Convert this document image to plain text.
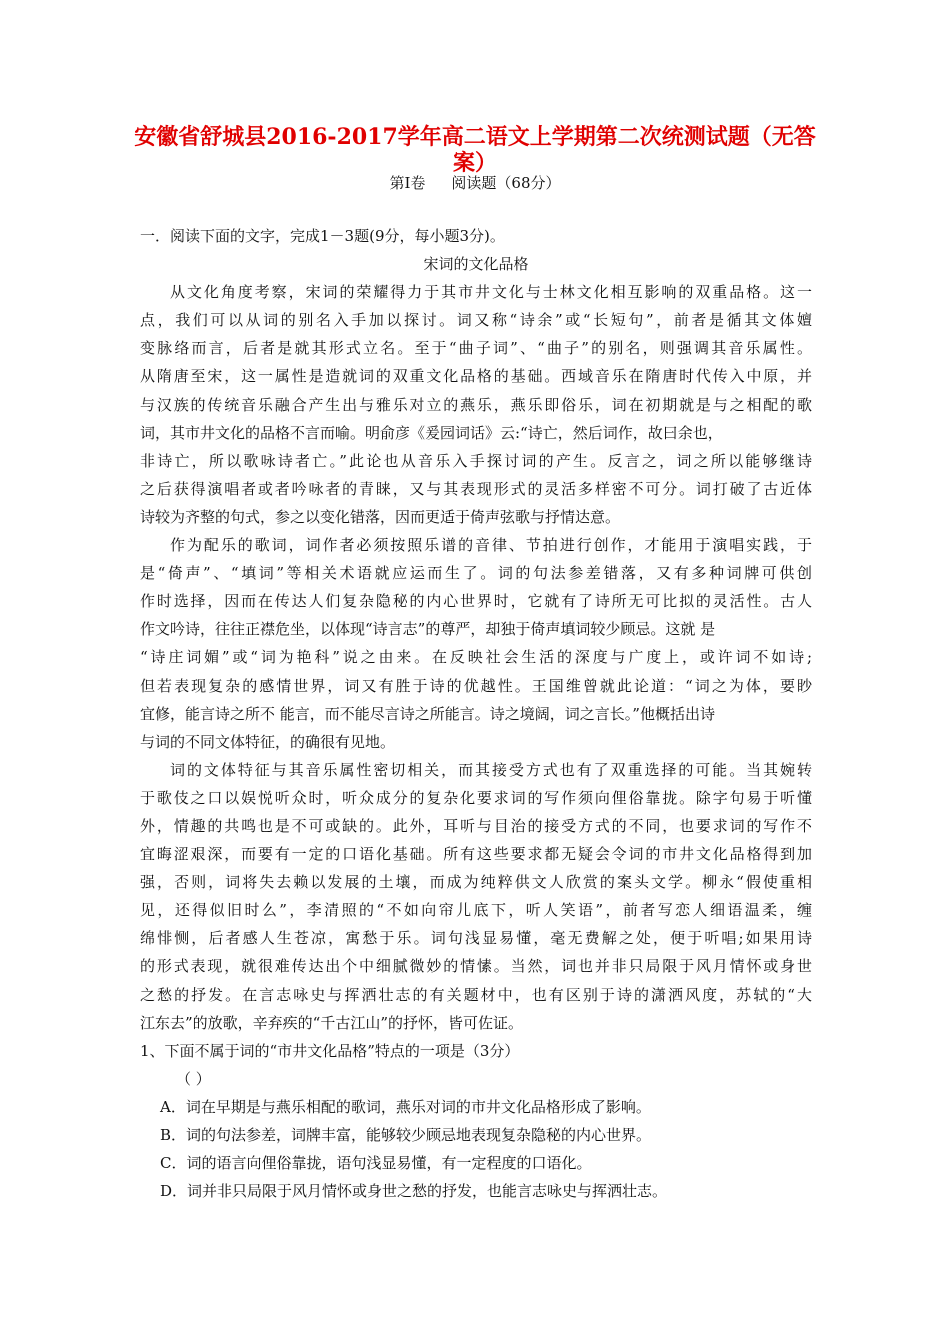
安徽省舒城县2016-2017学年高二语文上学期第二次统测试题（无答
案）
第Ⅰ卷 阅读题（68分）
一．阅读下面的文字，完成1－3题(9分，每小题3分)。
宋词的文化品格
从文化角度考察，宋词的荣耀得力于其市井文化与士林文化相互影响的双重品格。这一
点，我们可以从词的别名入手加以探讨。词又称“诗余”或“长短句”，前者是循其文体嬗
变脉络而言，后者是就其形式立名。至于“曲子词”、“曲子”的别名，则强调其音乐属性。
从隋唐至宋，这一属性是造就词的双重文化品格的基础。西域音乐在隋唐时代传入中原，并
与汉族的传统音乐融合产生出与雅乐对立的燕乐，燕乐即俗乐，词在初期就是与之相配的歌
词，其市井文化的品格不言而喻。明俞彦《爰园词话》云:“诗亡，然后词作，故曰余也，
非诗亡，所以歌咏诗者亡。”此论也从音乐入手探讨词的产生。反言之，词之所以能够继诗
之后获得演唱者或者吟咏者的青睐，又与其表现形式的灵活多样密不可分。词打破了古近体
诗较为齐整的句式，参之以变化错落，因而更适于倚声弦歌与抒情达意。
作为配乐的歌词，词作者必须按照乐谱的音律、节拍进行创作，才能用于演唱实践，于
是“倚声”、“填词”等相关术语就应运而生了。词的句法参差错落，又有多种词牌可供创
作时选择，因而在传达人们复杂隐秘的内心世界时，它就有了诗所无可比拟的灵活性。古人
作文吟诗，往往正襟危坐，以体现“诗言志”的尊严，却独于倚声填词较少顾忌。这就 是
“诗庄词媚”或“词为艳科”说之由来。在反映社会生活的深度与广度上，或许词不如诗;
但若表现复杂的感情世界，词又有胜于诗的优越性。王国维曾就此论道：“词之为体，要眇
宜修，能言诗之所不 能言，而不能尽言诗之所能言。诗之境阔，词之言长。”他概括出诗
与词的不同文体特征，的确很有见地。
词的文体特征与其音乐属性密切相关，而其接受方式也有了双重选择的可能。当其婉转
于歌伎之口以娱悦听众时，听众成分的复杂化要求词的写作须向俚俗靠拢。除字句易于听懂
外，情趣的共鸣也是不可或缺的。此外，耳听与目治的接受方式的不同，也要求词的写作不
宜晦涩艰深，而要有一定的口语化基础。所有这些要求都无疑会令词的市井文化品格得到加
强，否则，词将失去赖以发展的土壤，而成为纯粹供文人欣赏的案头文学。柳永“假使重相
见，还得似旧时么”，李清照的“不如向帘儿底下，听人笑语”，前者写恋人细语温柔，缠
绵悱恻，后者感人生苍凉，寓愁于乐。词句浅显易懂，毫无费解之处，便于听唱;如果用诗
的形式表现，就很难传达出个中细腻微妙的情愫。当然，词也并非只局限于风月情怀或身世
之愁的抒发。在言志咏史与挥洒壮志的有关题材中，也有区别于诗的潇洒风度，苏轼的“大
江东去”的放歌，辛弃疾的“千古江山”的抒怀，皆可佐证。
1、下面不属于词的“市井文化品格”特点的一项是（3分）
（ ）
A．词在早期是与燕乐相配的歌词，燕乐对词的市井文化品格形成了影响。
B．词的句法参差，词牌丰富，能够较少顾忌地表现复杂隐秘的内心世界。
C．词的语言向俚俗靠拢，语句浅显易懂，有一定程度的口语化。
D．词并非只局限于风月情怀或身世之愁的抒发，也能言志咏史与挥洒壮志。
